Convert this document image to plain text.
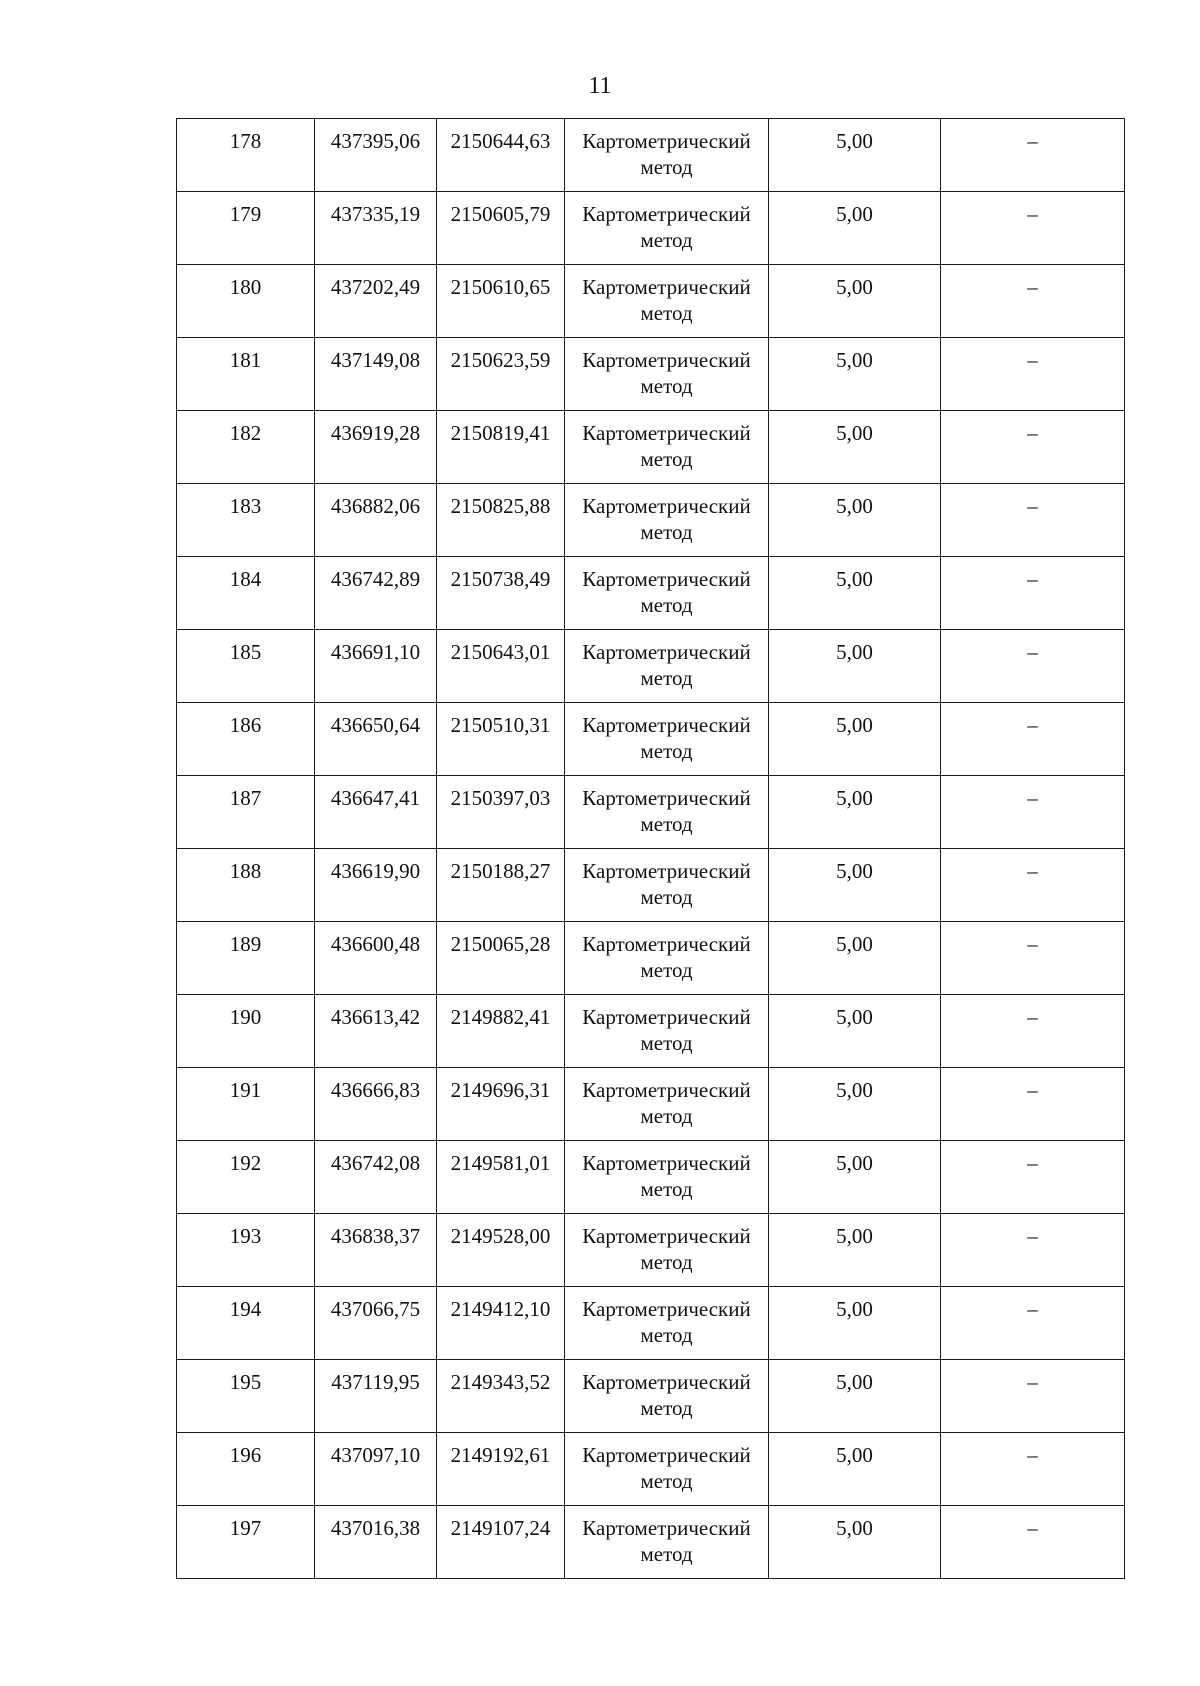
11
178	437395,06	2150644,63	Картометрический метод	5,00	–
179	437335,19	2150605,79	Картометрический метод	5,00	–
180	437202,49	2150610,65	Картометрический метод	5,00	–
181	437149,08	2150623,59	Картометрический метод	5,00	–
182	436919,28	2150819,41	Картометрический метод	5,00	–
183	436882,06	2150825,88	Картометрический метод	5,00	–
184	436742,89	2150738,49	Картометрический метод	5,00	–
185	436691,10	2150643,01	Картометрический метод	5,00	–
186	436650,64	2150510,31	Картометрический метод	5,00	–
187	436647,41	2150397,03	Картометрический метод	5,00	–
188	436619,90	2150188,27	Картометрический метод	5,00	–
189	436600,48	2150065,28	Картометрический метод	5,00	–
190	436613,42	2149882,41	Картометрический метод	5,00	–
191	436666,83	2149696,31	Картометрический метод	5,00	–
192	436742,08	2149581,01	Картометрический метод	5,00	–
193	436838,37	2149528,00	Картометрический метод	5,00	–
194	437066,75	2149412,10	Картометрический метод	5,00	–
195	437119,95	2149343,52	Картометрический метод	5,00	–
196	437097,10	2149192,61	Картометрический метод	5,00	–
197	437016,38	2149107,24	Картометрический метод	5,00	–
